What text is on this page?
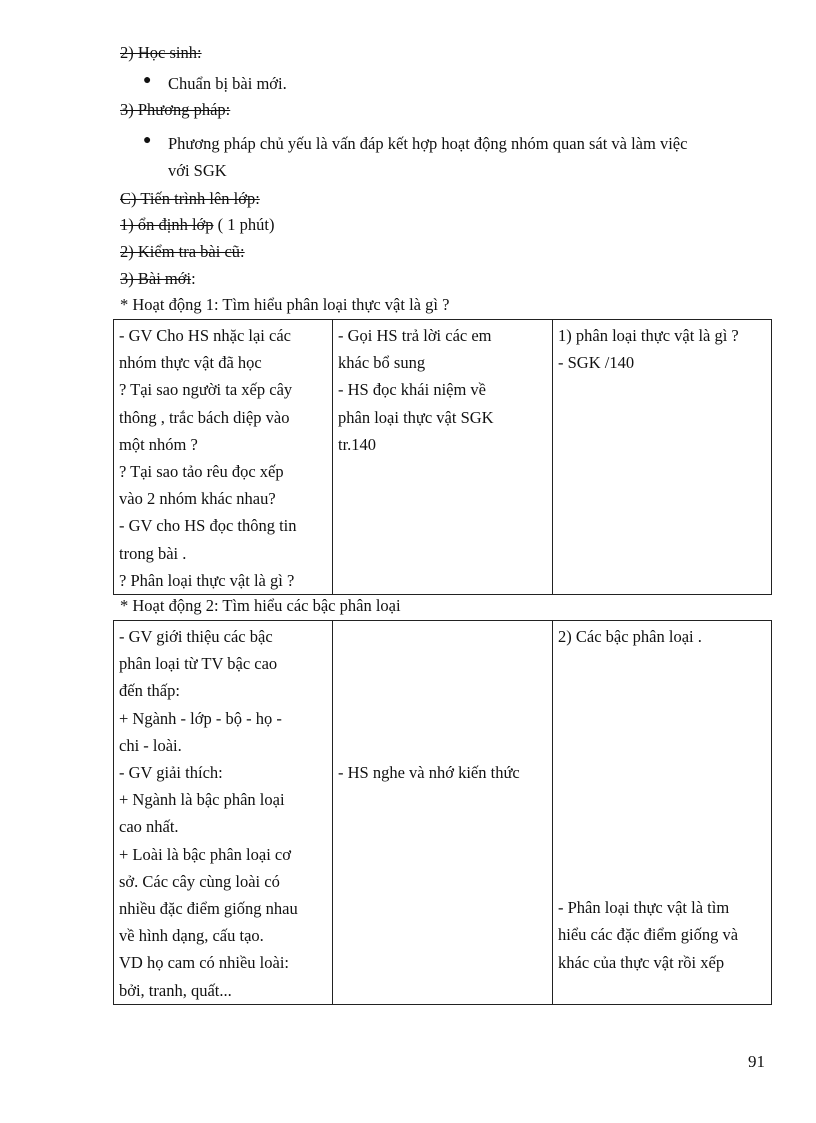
2) Học sinh:
● Chuẩn bị bài mới.
3) Phương pháp:
● Phương pháp chủ yếu là vấn đáp kết hợp hoạt động nhóm quan sát và làm việc
với SGK
C) Tiến trình lên lớp:
1) ổn định lớp ( 1 phút)
2) Kiểm tra bài cũ:
3) Bài mới:
* Hoạt động 1: Tìm hiểu phân loại thực vật là gì ?
- GV Cho HS nhặc lại các
nhóm thực vật đã học
? Tại sao người ta xếp cây
thông , trắc bách diệp vào
một nhóm ?
? Tại sao tảo rêu đọc xếp
vào 2 nhóm khác nhau?
- GV cho HS đọc thông tin
trong bài .
? Phân loại thực vật là gì ?

- Gọi HS trả lời các em
khác bổ sung
- HS đọc khái niệm về
phân loại thực vật SGK
tr.140

1) phân loại thực vật là gì ?
- SGK /140
* Hoạt động 2: Tìm hiểu các bậc phân loại
- GV giới thiệu các bậc
phân loại từ TV bậc cao
đến thấp:
+ Ngành - lớp - bộ - họ -
chi - loài.
- GV giải thích:
+ Ngành là bậc phân loại
cao nhất.
+ Loài là bậc phân loại cơ
sở. Các cây cùng loài có
nhiều đặc điểm giống nhau
về hình dạng, cấu tạo.
VD họ cam có nhiều loài:
bởi, tranh, quất...

- HS nghe và nhớ kiến thức

2) Các bậc phân loại .
- Phân loại thực vật là tìm
hiểu các đặc điểm giống và
khác của thực vật rồi xếp
91
